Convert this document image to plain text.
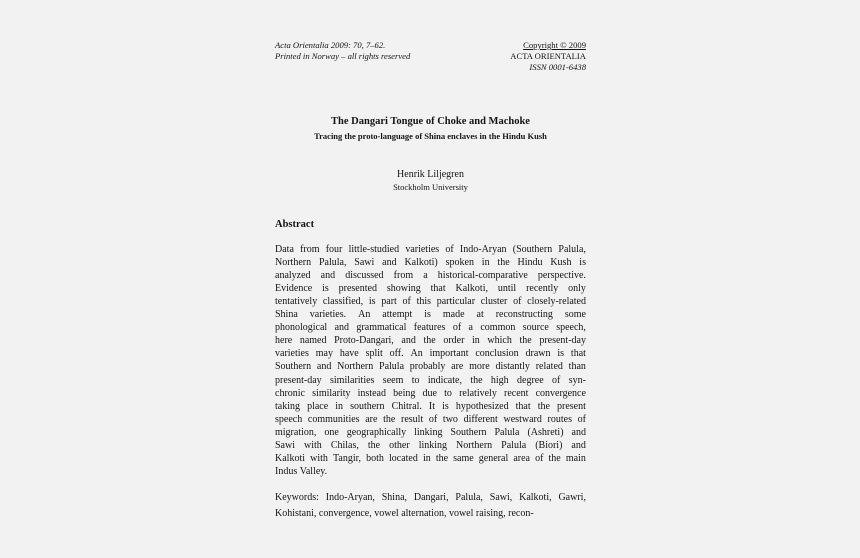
Acta Orientalia 2009: 70, 7–62.	Copyright © 2009
Printed in Norway – all rights reserved	ACTA ORIENTALIA
ISSN 0001-6438
The Dangari Tongue of Choke and Machoke
Tracing the proto-language of Shina enclaves in the Hindu Kush
Henrik Liljegren
Stockholm University
Abstract
Data from four little-studied varieties of Indo-Aryan (Southern Palula,
Northern Palula, Sawi and Kalkoti) spoken in the Hindu Kush is
analyzed and discussed from a historical-comparative perspective.
Evidence is presented showing that Kalkoti, until recently only
tentatively classified, is part of this particular cluster of closely-related
Shina varieties. An attempt is made at reconstructing some
phonological and grammatical features of a common source speech,
here named Proto-Dangari, and the order in which the present-day
varieties may have split off. An important conclusion drawn is that
Southern and Northern Palula probably are more distantly related than
present-day similarities seem to indicate, the high degree of syn-
chronic similarity instead being due to relatively recent convergence
taking place in southern Chitral. It is hypothesized that the present
speech communities are the result of two different westward routes of
migration, one geographically linking Southern Palula (Ashreti) and
Sawi with Chilas, the other linking Northern Palula (Biori) and
Kalkoti with Tangir, both located in the same general area of the main
Indus Valley.
Keywords: Indo-Aryan, Shina, Dangari, Palula, Sawi, Kalkoti, Gawri,
Kohistani, convergence, vowel alternation, vowel raising, recon-
